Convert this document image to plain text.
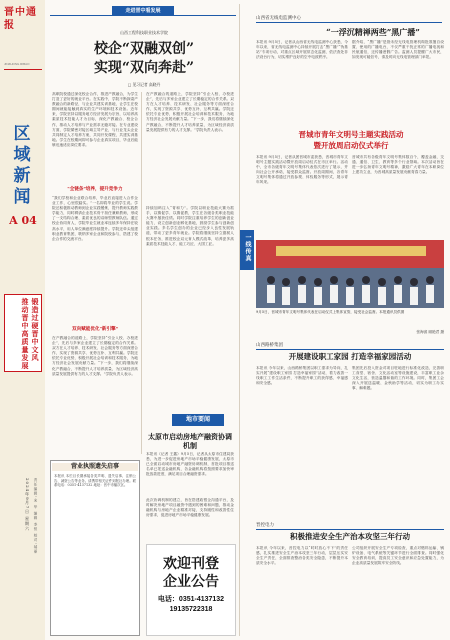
晋中通报
JINZHONG RIBAO
区域新闻
A 04
锻造过硬晋中文风 推动晋中高质量发展
2024年9月7日 星期六 责任编辑:宋 华 编辑 李恒 校对:郝丽
走进晋中看发展
山西工程科技职业技术学院
校企“双融双创”
实现“双向奔赴”
□ 见习记者 高晓丹
高职院校通过深化校企合作，推进产教融合，为学生打造了更好的就业平台。在实践中，学院不断探索产教融合的新路径，与企业共建实训基地，让学生在校期间就能接触到真实的生产环境和技术设备。近年来，学院坚持以服务地方经济发展为宗旨，以培养高素质技术技能人才为目标，深化产教融合、校企合作，推动人才培养与产业需求无缝对接。在专业建设方面，学院紧密对接区域主导产业，与行业龙头企业共同制定人才培养方案，共同开发课程，共建实训基地。学生在校期间即可参与企业真实项目，毕业后能够迅速适应岗位要求。
“全链条”培养，提升竞争力
“我们学校和企业联合培养，毕业后直接进入合作企业工作，心里很踏实。”一名即将毕业的学生说。学院还积极推动教师到企业实践锻炼，提升教师实践教学能力，同时聘请企业技术骨干担任兼职教师，形成了一支结构合理、素质优良的双师型教师队伍。通过校企协同育人，学院毕业生就业率连续多年保持在较高水平，用人单位满意度持续提升。学院还牵头组建职业教育集团，吸纳多家企业和院校参与，搭建了校企合作的交流平台。
双向赋能优化“新引擎”
在产教融合的道路上，学院坚持“引企入校、办校进企”，先后与多家企业建立了长期稳定的合作关系。双方在人才培养、技术研发、社会服务等方面深度合作，实现了资源共享、优势互补、互利共赢。学院还依托专业优势，积极开展社会培训和技术服务，为地方经济社会发展贡献力量。“下一步，我们将继续深化产教融合，不断提升人才培养质量，为区域经济高质量发展提供有力的人才支撑。”学院负责人表示。
在产教融合的道路上，学院坚持“引企入校、办校进企”，先后与多家企业建立了长期稳定的合作关系。双方在人才培养、技术研发、社会服务等方面深度合作，实现了资源共享、优势互补、互利共赢。学院还依托专业优势，积极开展社会培训和技术服务，为地方经济社会发展贡献力量。“下一步，我们将继续深化产教融合，不断提升人才培养质量，为区域经济高质量发展提供有力的人才支撑。”学院负责人表示。
持续加码注入“青和力”。学院以职业技能大赛为抓手，以赛促学、以赛促教，学生在各级各类职业技能大赛中屡获佳绩。同时学院注重培养学生的创新创业能力，设立创新创业孵化基地，鼓励学生参与创新创业实践。多名学生创办的企业已经步入良性发展轨道，带动了更多青年就业。学院将继续坚持立德树人根本任务，推进校企双元育人模式改革，培养更多高素质技术技能人才、能工巧匠、大国工匠。
营业执照遗失启事
本报讯 本栏目长期承接各类声明、遗失启事、注销公告、减资公告等业务。请携带相关证件到报社办理。联系电话：0351-4137132 地址：晋中市榆次区。
地市要闻
太原市启动房地产融资协调机制
本报讯（记者 王鑫）9月5日，记者从太原市住建局获悉，为进一步促进房地产市场平稳健康发展，太原市已全面启动城市房地产融资协调机制，首批项目推送名单已报送金融机构，各金融机构将按照要求加快审批放款进度，满足项目合理融资需求。
此次协调机制的建立，旨在搭建政银企沟通平台，及时解决房地产项目融资中遇到的困难和问题，推动金融机构与房地产企业精准对接，支持刚性和改善性住房需求，促进房地产市场平稳健康发展。
欢迎刊登
企业公告
电话：0351-4137132
19135722318
山西省无线电监测中心
“一浮沉精禅两些”黑广播”
本报讯 9月5日，记者从山西省无线电监测中心获悉，今年以来，省无线电监测中心持续开展打击“黑广播”“伪基站”专项行动，对重点区域开展常态化监测，依法查处非法设台行为，切实维护良好的空中电波秩序。
据介绍，“黑广播”是指未经无线电管理机构批准擅自设置、使用的广播电台，不仅严重干扰正常的广播电视和民航通信，还传播虚假广告。监测人员提醒广大市民，如发现可疑信号，请及时向无线电管理部门举报。
晋城市青年文明号主题实践活动
暨开放周启动仪式举行
本报讯 9月5日，记者从团晋城市委获悉，晋城市青年文明号主题实践活动暨开放周启动仪式在市区举行。活动中，全市各级青年文明号集体代表依次进行了展示，并向社会公开承诺，接受群众监督。开放周期间，各青年文明号集体将通过开放参观、体验服务等形式，展示青年风采。
晋城市共有各级青年文明号集体数百个，覆盖金融、交通、通信、卫生、教育等多个行业领域。本次活动旨在进一步弘扬青年文明号精神，激励广大青年在本职岗位上建功立业，为晋城高质量发展贡献青春力量。
一线传真
9月5日，晋城市青年文明号集体代表在启动仪式上集体宣誓，接受社会监督。本报通讯员供图
张海滨 顾艳君 摄
山西路桥集团
开展建设职工家园 打造幸福家园活动
本报讯 今年以来，山西路桥集团以职工需求为导向，扎实开展“建设职工家园 打造幸福家园”活动，着力改善一线职工工作生活条件，不断提升职工的获得感、幸福感和安全感。
集团先后投入资金对项目驻地进行标准化改造，完善职工食堂、宿舍、文化活动室等设施建设，丰富职工业余文化生活，营造温馨和谐的工作环境。同时，集团工会深入开展送温暖、金秋助学等活动，切实为职工办实事、解难题。
晋控电力
积极推进安全生产治本攻坚三年行动
本报讯 今年以来，晋控电力以“时时放心不下”的责任感，扎实推进安全生产治本攻坚三年行动，层层压实安全生产责任，全面排查整治各类安全隐患，不断提升本质安全水平。
公司组织开展安全生产专项检查，重点对燃料运输、锅炉设备、电气系统等关键环节进行全面排查。同时强化安全教育培训，提高员工安全意识和应急处置能力，为企业高质量发展筑牢安全防线。
